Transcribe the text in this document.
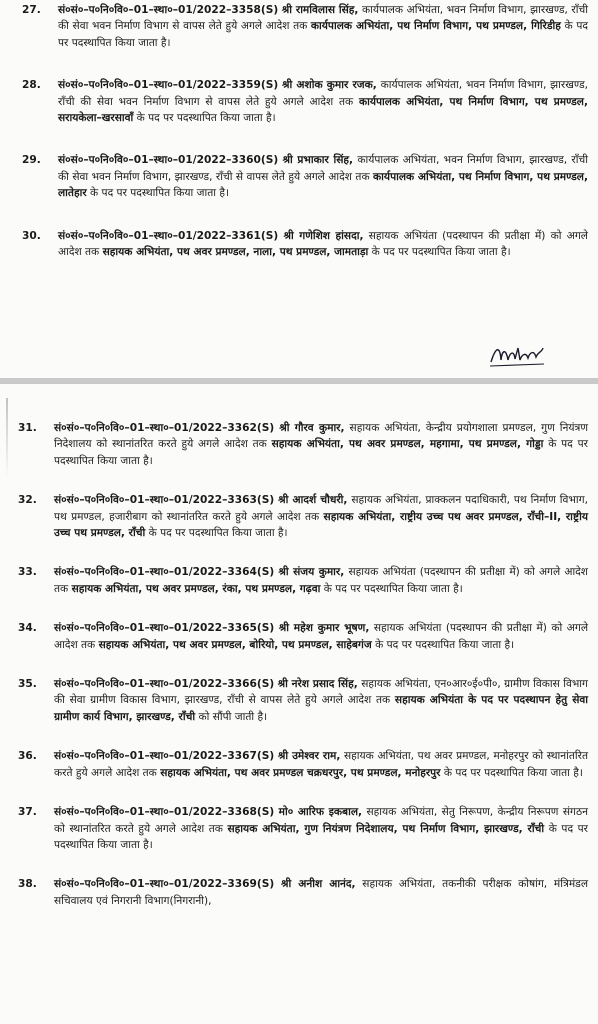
27.	सं०सं०–प०नि०वि०–01–स्था०–01/2022–3358(S) श्री रामविलास सिंह, कार्यपालक अभियंता, भवन निर्माण विभाग, झारखण्ड, राँची की सेवा भवन निर्माण विभाग से वापस लेते हुये अगले आदेश तक कार्यपालक अभियंता, पथ निर्माण विभाग, पथ प्रमण्डल, गिरिडीह के पद पर पदस्थापित किया जाता है।
28.	सं०सं०–प०नि०वि०–01–स्था०–01/2022–3359(S) श्री अशोक कुमार रजक, कार्यपालक अभियंता, भवन निर्माण विभाग, झारखण्ड, राँची की सेवा भवन निर्माण विभाग से वापस लेते हुये अगले आदेश तक कार्यपालक अभियंता, पथ निर्माण विभाग, पथ प्रमण्डल, सरायकेला–खरसावाँ के पद पर पदस्थापित किया जाता है।
29.	सं०सं०–प०नि०वि०–01–स्था०–01/2022–3360(S) श्री प्रभाकार सिंह, कार्यपालक अभियंता, भवन निर्माण विभाग, झारखण्ड, राँची की सेवा भवन निर्माण विभाग, झारखण्ड, राँची से वापस लेते हुये अगले आदेश तक कार्यपालक अभियंता, पथ निर्माण विभाग, पथ प्रमण्डल, लातेहार के पद पर पदस्थापित किया जाता है।
30.	सं०सं०–प०नि०वि०–01–स्था०–01/2022–3361(S) श्री गणेशिश हांसदा, सहायक अभियंता (पदस्थापन की प्रतीक्षा में) को अगले आदेश तक सहायक अभियंता, पथ अवर प्रमण्डल, नाला, पथ प्रमण्डल, जामताड़ा के पद पर पदस्थापित किया जाता है।
31.	सं०सं०–प०नि०वि०–01–स्था०–01/2022–3362(S) श्री गौरव कुमार, सहायक अभियंता, केन्द्रीय प्रयोगशाला प्रमण्डल, गुण नियंत्रण निदेशालय को स्थानांतरित करते हुये अगले आदेश तक सहायक अभियंता, पथ अवर प्रमण्डल, महगामा, पथ प्रमण्डल, गोड्डा के पद पर पदस्थापित किया जाता है।
32.	सं०सं०–प०नि०वि०–01–स्था०–01/2022–3363(S) श्री आदर्श चौधरी, सहायक अभियंता, प्राक्कलन पदाधिकारी, पथ निर्माण विभाग, पथ प्रमण्डल, हजारीबाग को स्थानांतरित करते हुये अगले आदेश तक सहायक अभियंता, राष्ट्रीय उच्च पथ अवर प्रमण्डल, राँची–II, राष्ट्रीय उच्च पथ प्रमण्डल, राँची के पद पर पदस्थापित किया जाता है।
33.	सं०सं०–प०नि०वि०–01–स्था०–01/2022–3364(S) श्री संजय कुमार, सहायक अभियंता (पदस्थापन की प्रतीक्षा में) को अगले आदेश तक सहायक अभियंता, पथ अवर प्रमण्डल, रंका, पथ प्रमण्डल, गढ़वा के पद पर पदस्थापित किया जाता है।
34.	सं०सं०–प०नि०वि०–01–स्था०–01/2022–3365(S) श्री महेश कुमार भूषण, सहायक अभियंता (पदस्थापन की प्रतीक्षा में) को अगले आदेश तक सहायक अभियंता, पथ अवर प्रमण्डल, बोरियो, पथ प्रमण्डल, साहेबगंज के पद पर पदस्थापित किया जाता है।
35.	सं०सं०–प०नि०वि०–01–स्था०–01/2022–3366(S) श्री नरेश प्रसाद सिंह, सहायक अभियंता, एन०आर०ई०पी०, ग्रामीण विकास विभाग की सेवा ग्रामीण विकास विभाग, झारखण्ड, राँची से वापस लेते हुये अगले आदेश तक सहायक अभियंता के पद पर पदस्थापन हेतु सेवा ग्रामीण कार्य विभाग, झारखण्ड, राँची को सौंपी जाती है।
36.	सं०सं०–प०नि०वि०–01–स्था०–01/2022–3367(S) श्री उमेश्वर राम, सहायक अभियंता, पथ अवर प्रमण्डल, मनोहरपुर को स्थानांतरित करते हुये अगले आदेश तक सहायक अभियंता, पथ अवर प्रमण्डल चक्रधरपुर, पथ प्रमण्डल, मनोहरपुर के पद पर पदस्थापित किया जाता है।
37.	सं०सं०–प०नि०वि०–01–स्था०–01/2022–3368(S) मो० आरिफ इकबाल, सहायक अभियंता, सेतु निरूपण, केन्द्रीय निरूपण संगठन को स्थानांतरित करते हुये अगले आदेश तक सहायक अभियंता, गुण नियंत्रण निदेशालय, पथ निर्माण विभाग, झारखण्ड, राँची के पद पर पदस्थापित किया जाता है।
38.	सं०सं०–प०नि०वि०–01–स्था०–01/2022–3369(S) श्री अनीश आनंद, सहायक अभियंता, तकनीकी परीक्षक कोषांग, मंत्रिमंडल सचिवालय एवं निगरानी विभाग(निगरानी),
